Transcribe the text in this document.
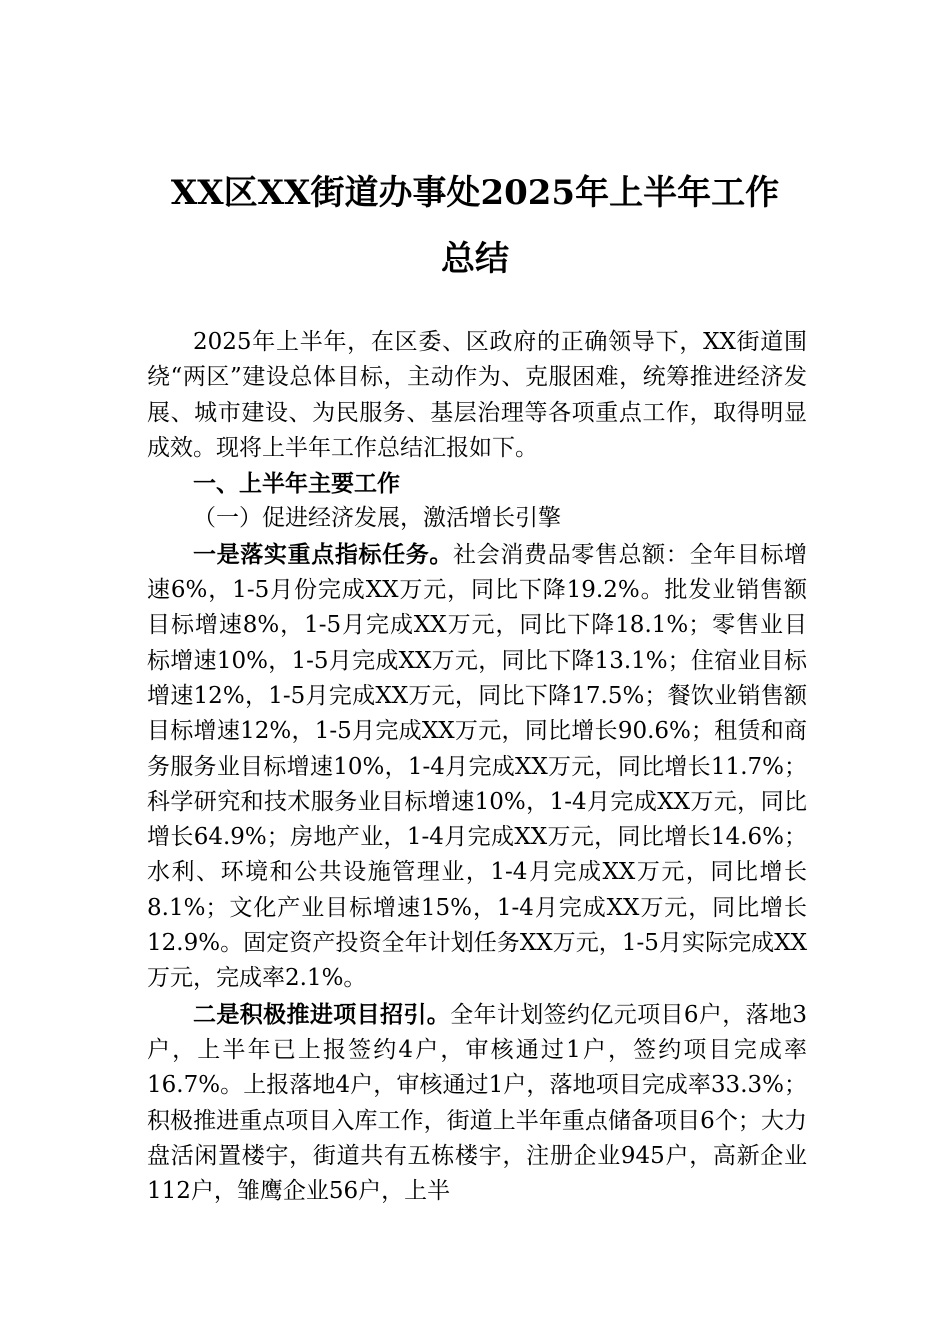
XX区XX街道办事处2025年上半年工作
总结

2025年上半年，在区委、区政府的正确领导下，XX街道围绕“两区”建设总体目标，主动作为、克服困难，统筹推进经济发展、城市建设、为民服务、基层治理等各项重点工作，取得明显成效。现将上半年工作总结汇报如下。

一、上半年主要工作

（一）促进经济发展，激活增长引擎

一是落实重点指标任务。社会消费品零售总额：全年目标增速6%，1-5月份完成XX万元，同比下降19.2%。批发业销售额目标增速8%，1-5月完成XX万元，同比下降18.1%；零售业目标增速10%，1-5月完成XX万元，同比下降13.1%；住宿业目标增速12%，1-5月完成XX万元，同比下降17.5%；餐饮业销售额目标增速12%，1-5月完成XX万元，同比增长90.6%；租赁和商务服务业目标增速10%，1-4月完成XX万元，同比增长11.7%；科学研究和技术服务业目标增速10%，1-4月完成XX万元，同比增长64.9%；房地产业，1-4月完成XX万元，同比增长14.6%；水利、环境和公共设施管理业，1-4月完成XX万元，同比增长8.1%；文化产业目标增速15%，1-4月完成XX万元，同比增长12.9%。固定资产投资全年计划任务XX万元，1-5月实际完成XX万元，完成率2.1%。

二是积极推进项目招引。全年计划签约亿元项目6户，落地3户，上半年已上报签约4户，审核通过1户，签约项目完成率16.7%。上报落地4户，审核通过1户，落地项目完成率33.3%；积极推进重点项目入库工作，街道上半年重点储备项目6个；大力盘活闲置楼宇，街道共有五栋楼宇，注册企业945户，高新企业112户，雏鹰企业56户，上半
